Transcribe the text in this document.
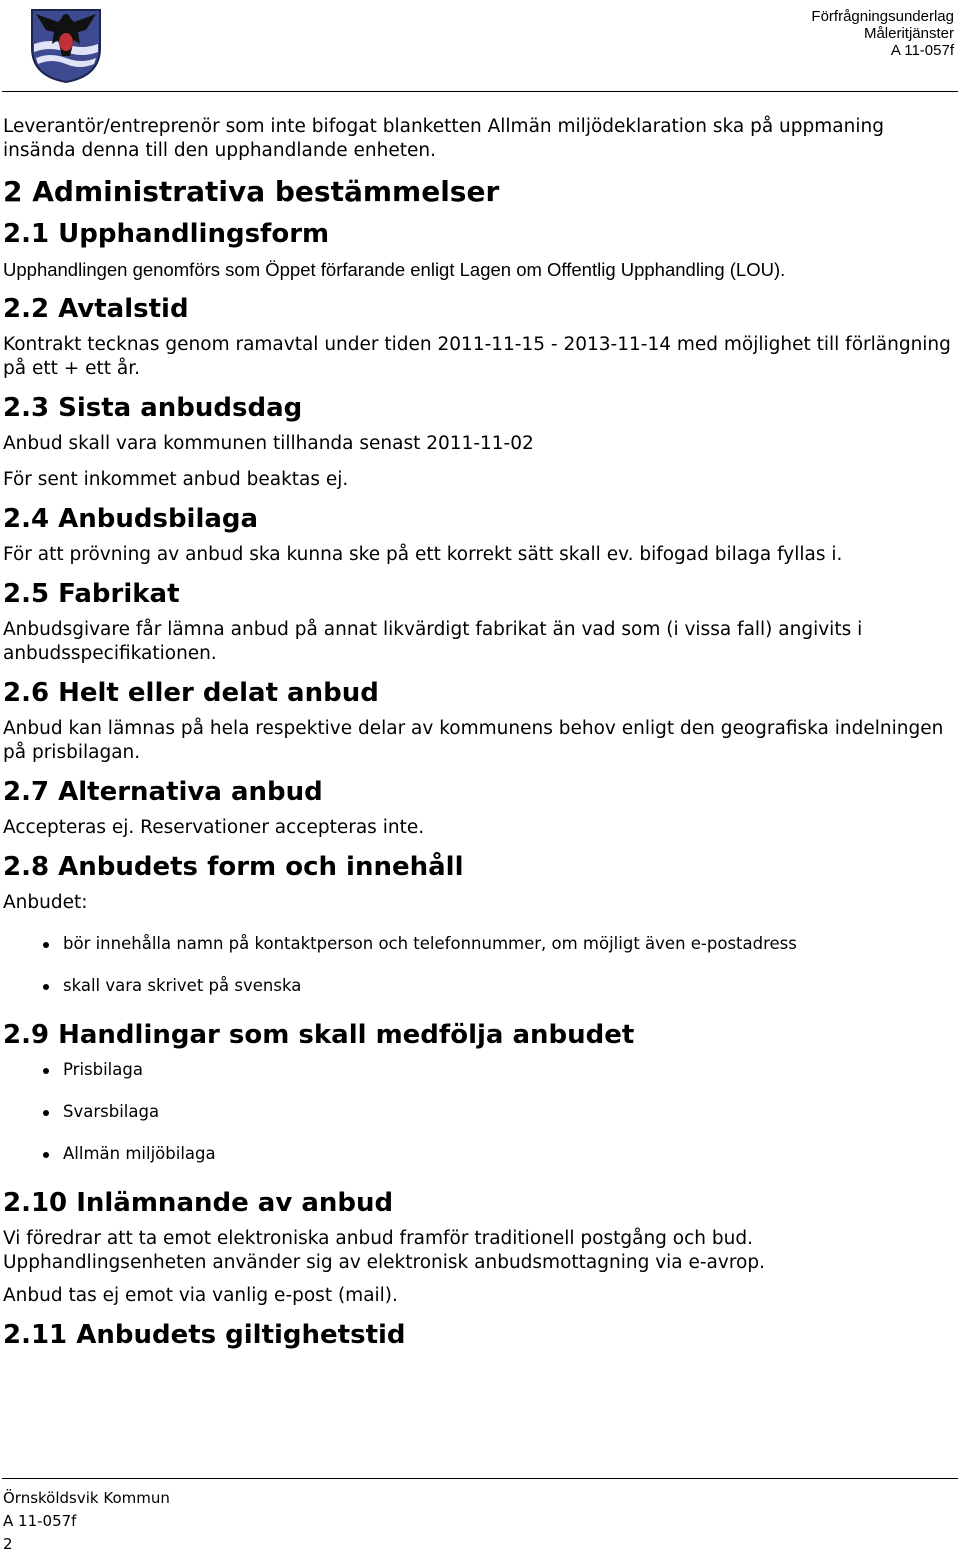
Förfrågningsunderlag
Måleritjänster
A 11-057f

Leverantör/entreprenör som inte bifogat blanketten Allmän miljödeklaration ska på uppmaning insända denna till den upphandlande enheten.

2 Administrativa bestämmelser
2.1 Upphandlingsform

Upphandlingen genomförs som Öppet förfarande enligt Lagen om Offentlig Upphandling (LOU).

2.2 Avtalstid

Kontrakt tecknas genom ramavtal under tiden 2011-11-15 - 2013-11-14 med möjlighet till förlängning på ett + ett år.

2.3 Sista anbudsdag

Anbud skall vara kommunen tillhanda senast 2011-11-02

För sent inkommet anbud beaktas ej.

2.4 Anbudsbilaga

För att prövning av anbud ska kunna ske på ett korrekt sätt skall ev. bifogad bilaga fyllas i.

2.5 Fabrikat

Anbudsgivare får lämna anbud på annat likvärdigt fabrikat än vad som (i vissa fall) angivits i anbudsspecifikationen.

2.6 Helt eller delat anbud

Anbud kan lämnas på hela respektive delar av kommunens behov enligt den geografiska indelningen på prisbilagan.

2.7 Alternativa anbud

Accepteras ej. Reservationer accepteras inte.

2.8 Anbudets form och innehåll

Anbudet:

bör innehålla namn på kontaktperson och telefonnummer, om möjligt även e-postadress
skall vara skrivet på svenska
2.9 Handlingar som skall medfölja anbudet
Prisbilaga
Svarsbilaga
Allmän miljöbilaga
2.10 Inlämnande av anbud

Vi föredrar att ta emot elektroniska anbud framför traditionell postgång och bud. Upphandlingsenheten använder sig av elektronisk anbudsmottagning via e-avrop.

Anbud tas ej emot via vanlig e-post (mail).

2.11 Anbudets giltighetstid
Örnsköldsvik Kommun
A 11-057f
2
